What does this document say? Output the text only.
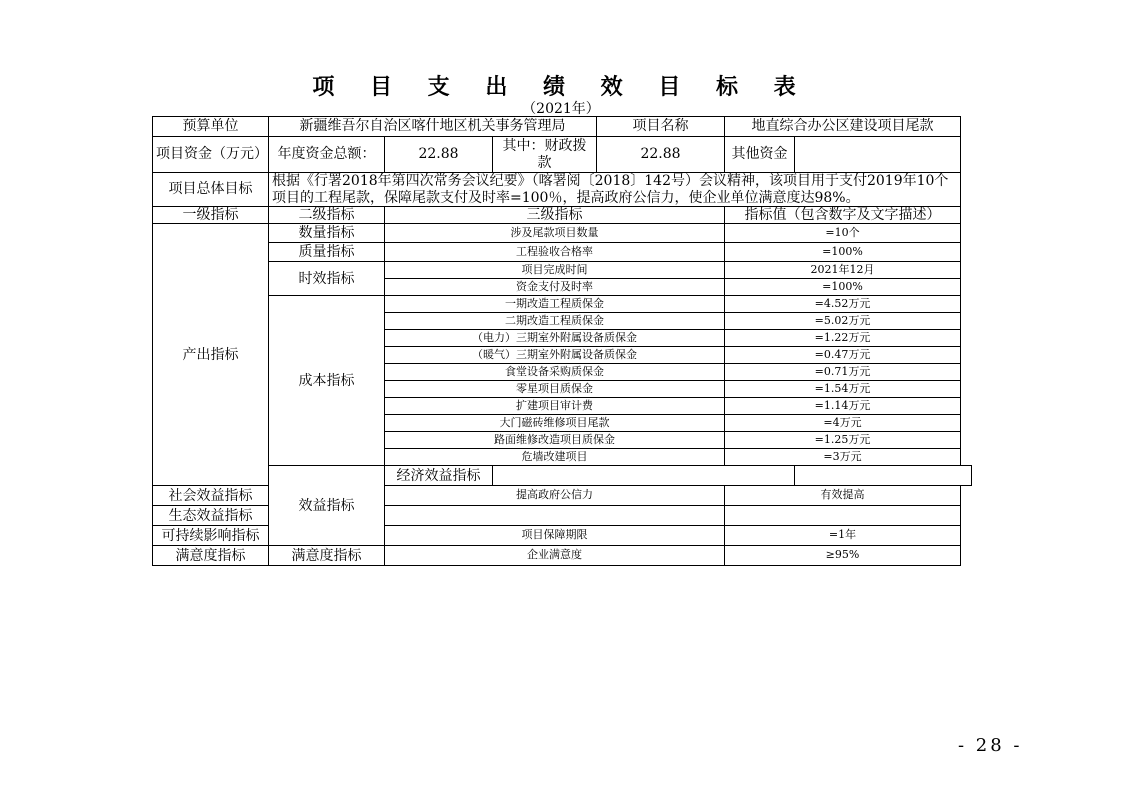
项 目 支 出 绩 效 目 标 表
（2021年）
预算单位	新疆维吾尔自治区喀什地区机关事务管理局			项目名称	地直综合办公区建设项目尾款	
项目资金（万元）	年度资金总额：	22.88	其中：财政拨款	22.88	其他资金	
项目总体目标	根据《行署2018年第四次常务会议纪要》（喀署阅〔2018〕142号）会议精神，该项目用于支付2019年10个项目的工程尾款，保障尾款支付及时率=100％，提高政府公信力，使企业单位满意度达98%。					
一级指标	二级指标	三级指标			指标值（包含数字及文字描述）	
产出指标	数量指标	涉及尾款项目数量			=10个	
	质量指标	工程验收合格率			=100%	
	时效指标	项目完成时间			2021年12月	
		资金支付及时率			=100%	
	成本指标	一期改造工程质保金			=4.52万元	
		二期改造工程质保金			=5.02万元	
		（电力）三期室外附属设备质保金			=1.22万元	
		（暖气）三期室外附属设备质保金			=0.47万元	
		食堂设备采购质保金			=0.71万元	
		零星项目质保金			=1.54万元	
		扩建项目审计费			=1.14万元	
		大门磁砖维修项目尾款			=4万元	
		路面维修改造项目质保金			=1.25万元	
		危墙改建项目			=3万元	
	效益指标	经济效益指标				
社会效益指标		提高政府公信力			有效提高	
生态效益指标						
可持续影响指标		项目保障期限			=1年	
满意度指标	满意度指标	企业满意度			≥95%	
- 28 -
